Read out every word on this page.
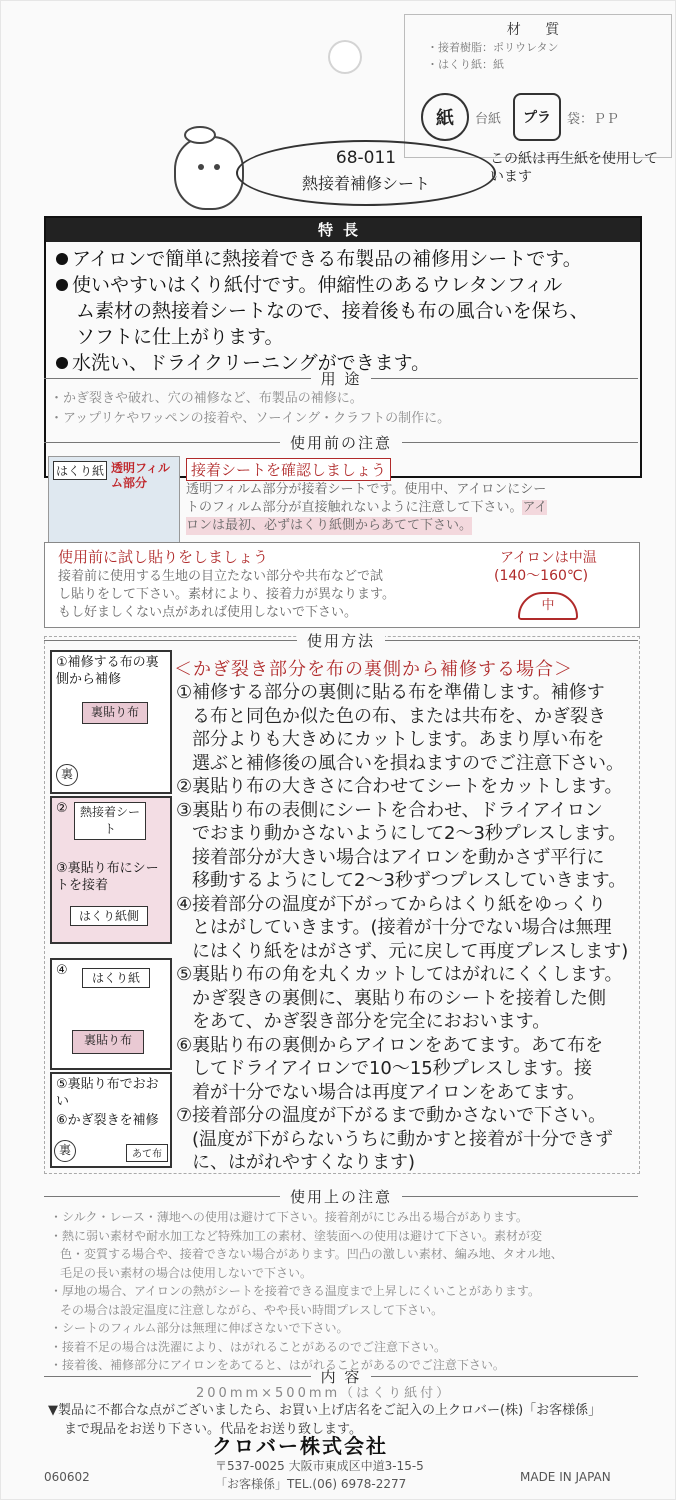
材 質
・接着樹脂：ポリウレタン
・はくり紙：紙
紙	台紙	プラ	袋：ＰＰ
この紙は再生紙を使用しています
68-011
熱接着補修シート
特長
アイロンで簡単に熱接着できる布製品の補修用シートです。
使いやすいはくり紙付です。伸縮性のあるウレタンフィル
ム素材の熱接着シートなので、接着後も布の風合いを保ち、
ソフトに仕上がります。
水洗い、ドライクリーニングができます。
用 途
・かぎ裂きや破れ、穴の補修など、布製品の補修に。
・アップリケやワッペンの接着や、ソーイング・クラフトの制作に。
使用前の注意
はくり紙 透明フィルム部分
接着シートを確認しましょう
透明フィルム部分が接着シートです。使用中、アイロンにシー
トのフィルム部分が直接触れないように注意して下さい。アイ
ロンは最初、必ずはくり紙側からあてて下さい。
使用前に試し貼りをしましょう
接着前に使用する生地の目立たない部分や共布などで試
し貼りをして下さい。素材により、接着力が異なります。
もし好ましくない点があれば使用しないで下さい。
アイロンは中温
(140〜160℃)
中
使用方法
＜かぎ裂き部分を布の裏側から補修する場合＞
①補修する布の裏側から補修
裏貼り布
裏
②	熱接着シート
③裏貼り布にシートを接着
はくり紙側
④	はくり紙
裏貼り布
⑤裏貼り布でおおい
⑥かぎ裂きを補修
裏	あて布
①補修する部分の裏側に貼る布を準備します。補修す
る布と同色か似た色の布、または共布を、かぎ裂き
部分よりも大きめにカットします。あまり厚い布を
選ぶと補修後の風合いを損ねますのでご注意下さい。
②裏貼り布の大きさに合わせてシートをカットします。
③裏貼り布の表側にシートを合わせ、ドライアイロン
でおまり動かさないようにして2〜3秒プレスします。
接着部分が大きい場合はアイロンを動かさず平行に
移動するようにして2〜3秒ずつプレスしていきます。
④接着部分の温度が下がってからはくり紙をゆっくり
とはがしていきます。(接着が十分でない場合は無理
にはくり紙をはがさず、元に戻して再度プレスします)
⑤裏貼り布の角を丸くカットしてはがれにくくします。
かぎ裂きの裏側に、裏貼り布のシートを接着した側
をあて、かぎ裂き部分を完全におおいます。
⑥裏貼り布の裏側からアイロンをあてます。あて布を
してドライアイロンで10〜15秒プレスします。接
着が十分でない場合は再度アイロンをあてます。
⑦接着部分の温度が下がるまで動かさないで下さい。
(温度が下がらないうちに動かすと接着が十分できず
に、はがれやすくなります)
使用上の注意
・シルク・レース・薄地への使用は避けて下さい。接着剤がにじみ出る場合があります。
・熱に弱い素材や耐水加工など特殊加工の素材、塗装面への使用は避けて下さい。素材が変
色・変質する場合や、接着できない場合があります。凹凸の激しい素材、編み地、タオル地、
毛足の長い素材の場合は使用しないで下さい。
・厚地の場合、アイロンの熱がシートを接着できる温度まで上昇しにくいことがあります。
その場合は設定温度に注意しながら、やや長い時間プレスして下さい。
・シートのフィルム部分は無理に伸ばさないで下さい。
・接着不足の場合は洗濯により、はがれることがあるのでご注意下さい。
・接着後、補修部分にアイロンをあてると、はがれることがあるのでご注意下さい。
内 容
200mm×500mm（はくり紙付）
▼製品に不都合な点がございましたら、お買い上げ店名をご記入の上クロバー(株)「お客様係」
まで現品をお送り下さい。代品をお送り致します。
クロバー株式会社
〒537-0025 大阪市東成区中道3-15-5
「お客様係」TEL.(06) 6978-2277
060602	MADE IN JAPAN
